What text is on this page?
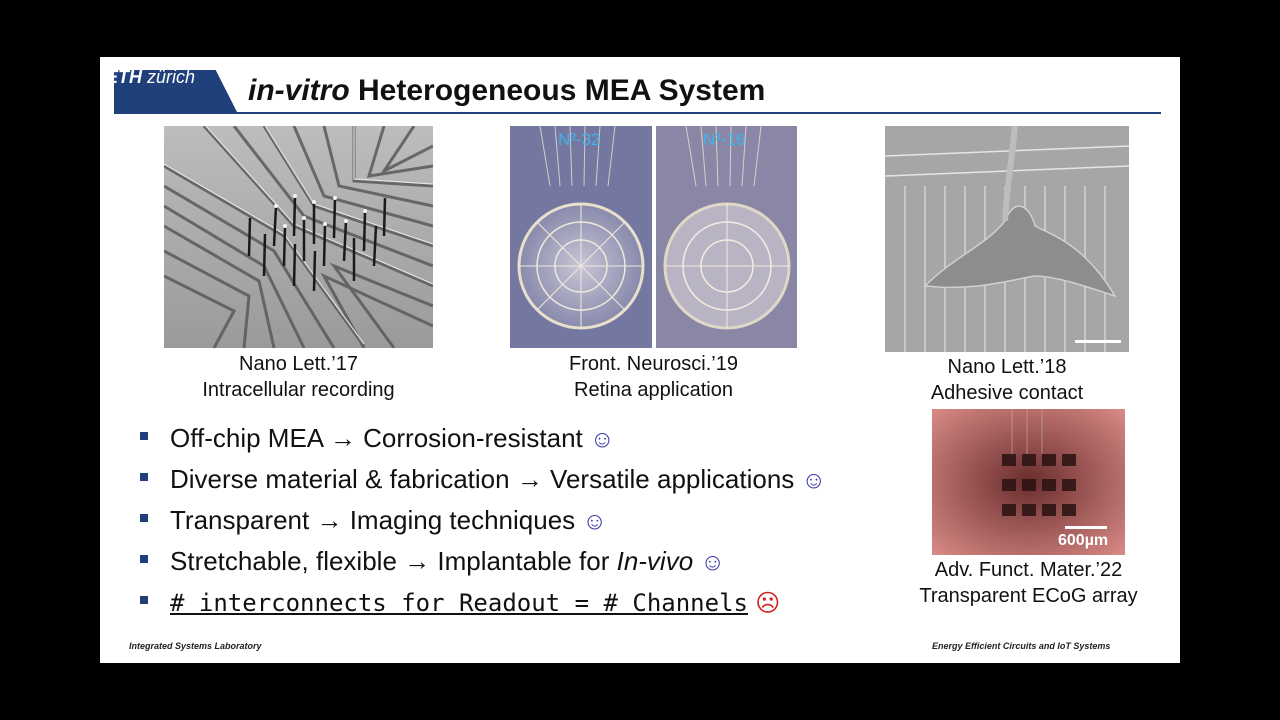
ETH zürich in-vitro Heterogeneous MEA System
Nano Lett.’17
Intracellular recording
N³-32	N³-16
Front. Neurosci.’19
Retina application
Nano Lett.’18
Adhesive contact
600µm
Adv. Funct. Mater.’22
Transparent ECoG array
Off-chip MEA → Corrosion-resistant ☺
Diverse material & fabrication → Versatile applications ☺
Transparent → Imaging techniques ☺
Stretchable, flexible → Implantable for In-vivo ☺
# interconnects for Readout = # Channels ☹
Integrated Systems Laboratory	Energy Efficient Circuits and IoT Systems
